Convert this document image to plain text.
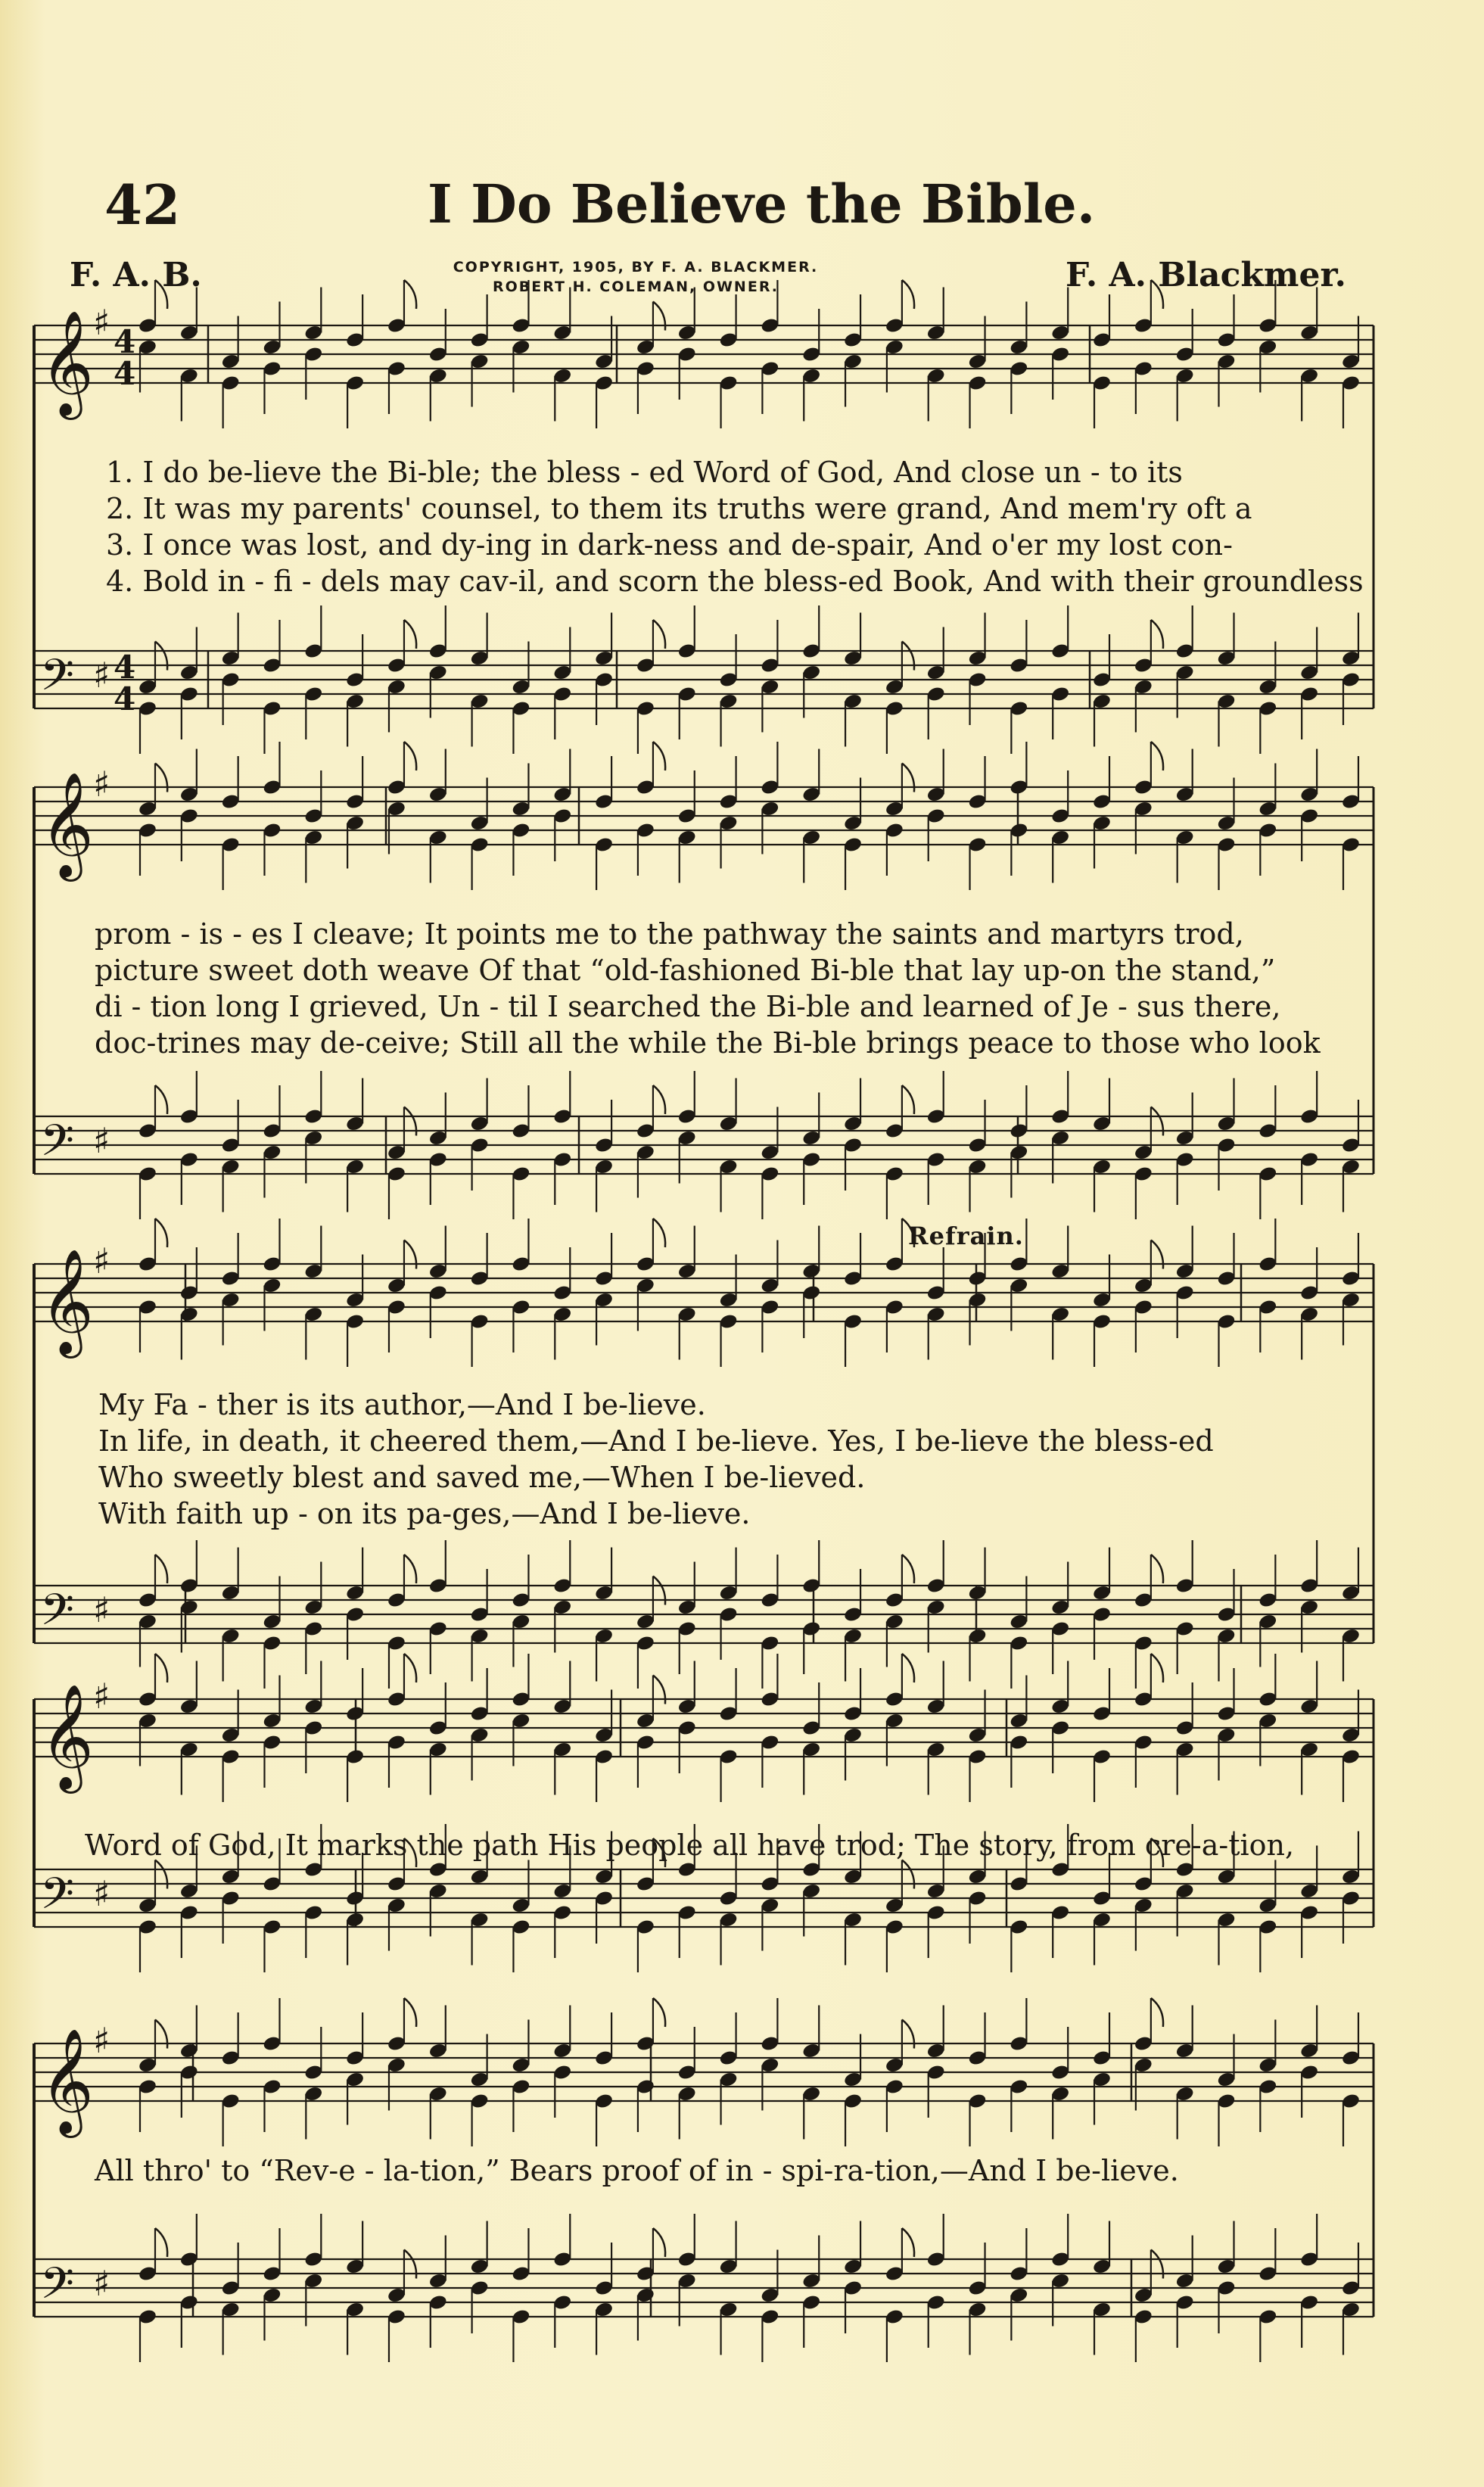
42	I Do Believe the Bible.
F. A. B.	COPYRIGHT, 1905, BY F. A. BLACKMER.
ROBERT H. COLEMAN, OWNER.	F. A. Blackmer.
𝄞 ♯
𝄢 ♯
4
4
4
4
𝄞 ♯
𝄢 ♯
𝄞 ♯
𝄢 ♯
𝄞 ♯
𝄢 ♯
𝄞 ♯
𝄢 ♯
1. I do be-lieve the Bi-ble; the bless - ed Word of God, And close un - to its
2. It was my parents' counsel, to them its truths were grand, And mem'ry oft a
3. I once was lost, and dy-ing in dark-ness and de-spair, And o'er my lost con-
4. Bold in - fi - dels may cav-il, and scorn the bless-ed Book, And with their groundless
prom - is - es I cleave; It points me to the pathway the saints and martyrs trod,
picture sweet doth weave Of that “old-fashioned Bi-ble that lay up-on the stand,”
di - tion long I grieved, Un - til I searched the Bi-ble and learned of Je - sus there,
doc-trines may de-ceive; Still all the while the Bi-ble brings peace to those who look
Refrain.
My Fa - ther is its author,—And I be-lieve.
In life, in death, it cheered them,—And I be-lieve. Yes, I be-lieve the bless-ed
Who sweetly blest and saved me,—When I be-lieved.
With faith up - on its pa-ges,—And I be-lieve.
Word of God, It marks the path His people all have trod; The story, from cre-a-tion,
All thro' to “Rev-e - la-tion,” Bears proof of in - spi-ra-tion,—And I be-lieve.
